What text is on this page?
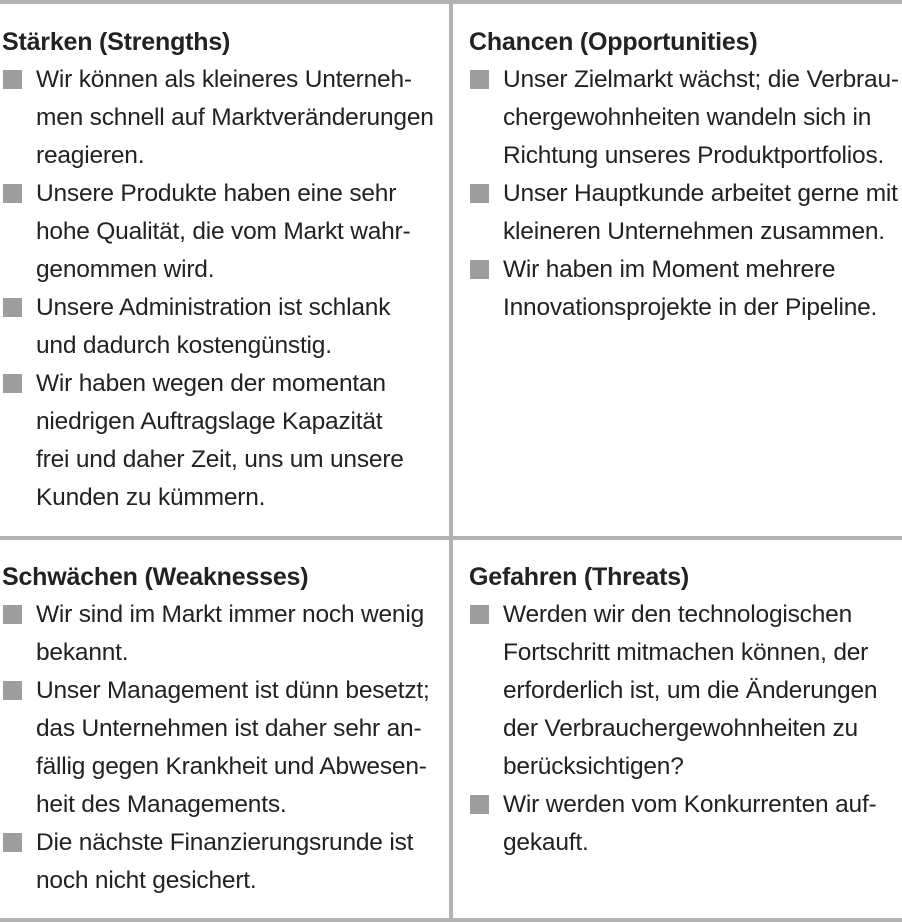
Stärken (Strengths)
Wir können als kleineres Unterneh-
men schnell auf Marktveränderungen
reagieren.
Unsere Produkte haben eine sehr
hohe Qualität, die vom Markt wahr-
genommen wird.
Unsere Administration ist schlank
und dadurch kostengünstig.
Wir haben wegen der momentan
niedrigen Auftragslage Kapazität
frei und daher Zeit, uns um unsere
Kunden zu kümmern.
Chancen (Opportunities)
Unser Zielmarkt wächst; die Verbrau-
chergewohnheiten wandeln sich in
Richtung unseres Produktportfolios.
Unser Hauptkunde arbeitet gerne mit
kleineren Unternehmen zusammen.
Wir haben im Moment mehrere
Innovationsprojekte in der Pipeline.
Schwächen (Weaknesses)
Wir sind im Markt immer noch wenig
bekannt.
Unser Management ist dünn besetzt;
das Unternehmen ist daher sehr an-
fällig gegen Krankheit und Abwesen-
heit des Managements.
Die nächste Finanzierungsrunde ist
noch nicht gesichert.
Gefahren (Threats)
Werden wir den technologischen
Fortschritt mitmachen können, der
erforderlich ist, um die Änderungen
der Verbrauchergewohnheiten zu
berücksichtigen?
Wir werden vom Konkurrenten auf-
gekauft.
